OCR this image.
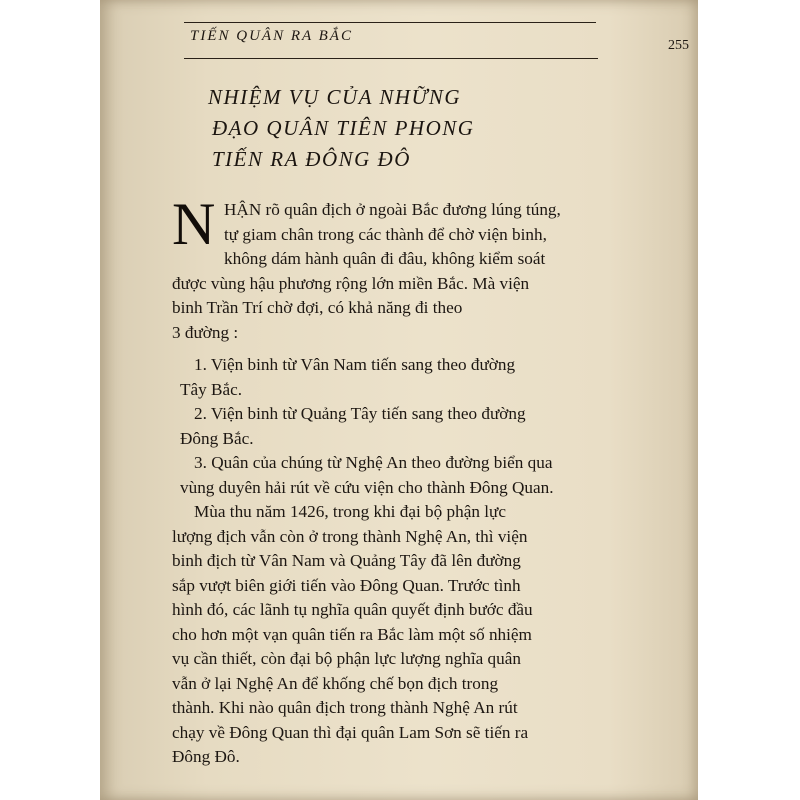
TIẾN QUÂN RA BẮC
255
NHIỆM VỤ CỦA NHỮNG
ĐẠO QUÂN TIÊN PHONG
TIẾN RA ĐÔNG ĐÔ
N HẬN rõ quân địch ở ngoài Bắc đương lúng túng,
tự giam chân trong các thành để chờ viện binh,
không dám hành quân đi đâu, không kiểm soát
được vùng hậu phương rộng lớn miền Bắc. Mà viện
binh Trần Trí chờ đợi, có khả năng đi theo
3 đường :
1. Viện binh từ Vân Nam tiến sang theo đường
Tây Bắc.
2. Viện binh từ Quảng Tây tiến sang theo đường
Đông Bắc.
3. Quân của chúng từ Nghệ An theo đường biển qua
vùng duyên hải rút về cứu viện cho thành Đông Quan.
Mùa thu năm 1426, trong khi đại bộ phận lực
lượng địch vẫn còn ở trong thành Nghệ An, thì viện
binh địch từ Vân Nam và Quảng Tây đã lên đường
sắp vượt biên giới tiến vào Đông Quan. Trước tình
hình đó, các lãnh tụ nghĩa quân quyết định bước đầu
cho hơn một vạn quân tiến ra Bắc làm một số nhiệm
vụ cần thiết, còn đại bộ phận lực lượng nghĩa quân
vẫn ở lại Nghệ An để khống chế bọn địch trong
thành. Khi nào quân địch trong thành Nghệ An rút
chạy về Đông Quan thì đại quân Lam Sơn sẽ tiến ra
Đông Đô.
